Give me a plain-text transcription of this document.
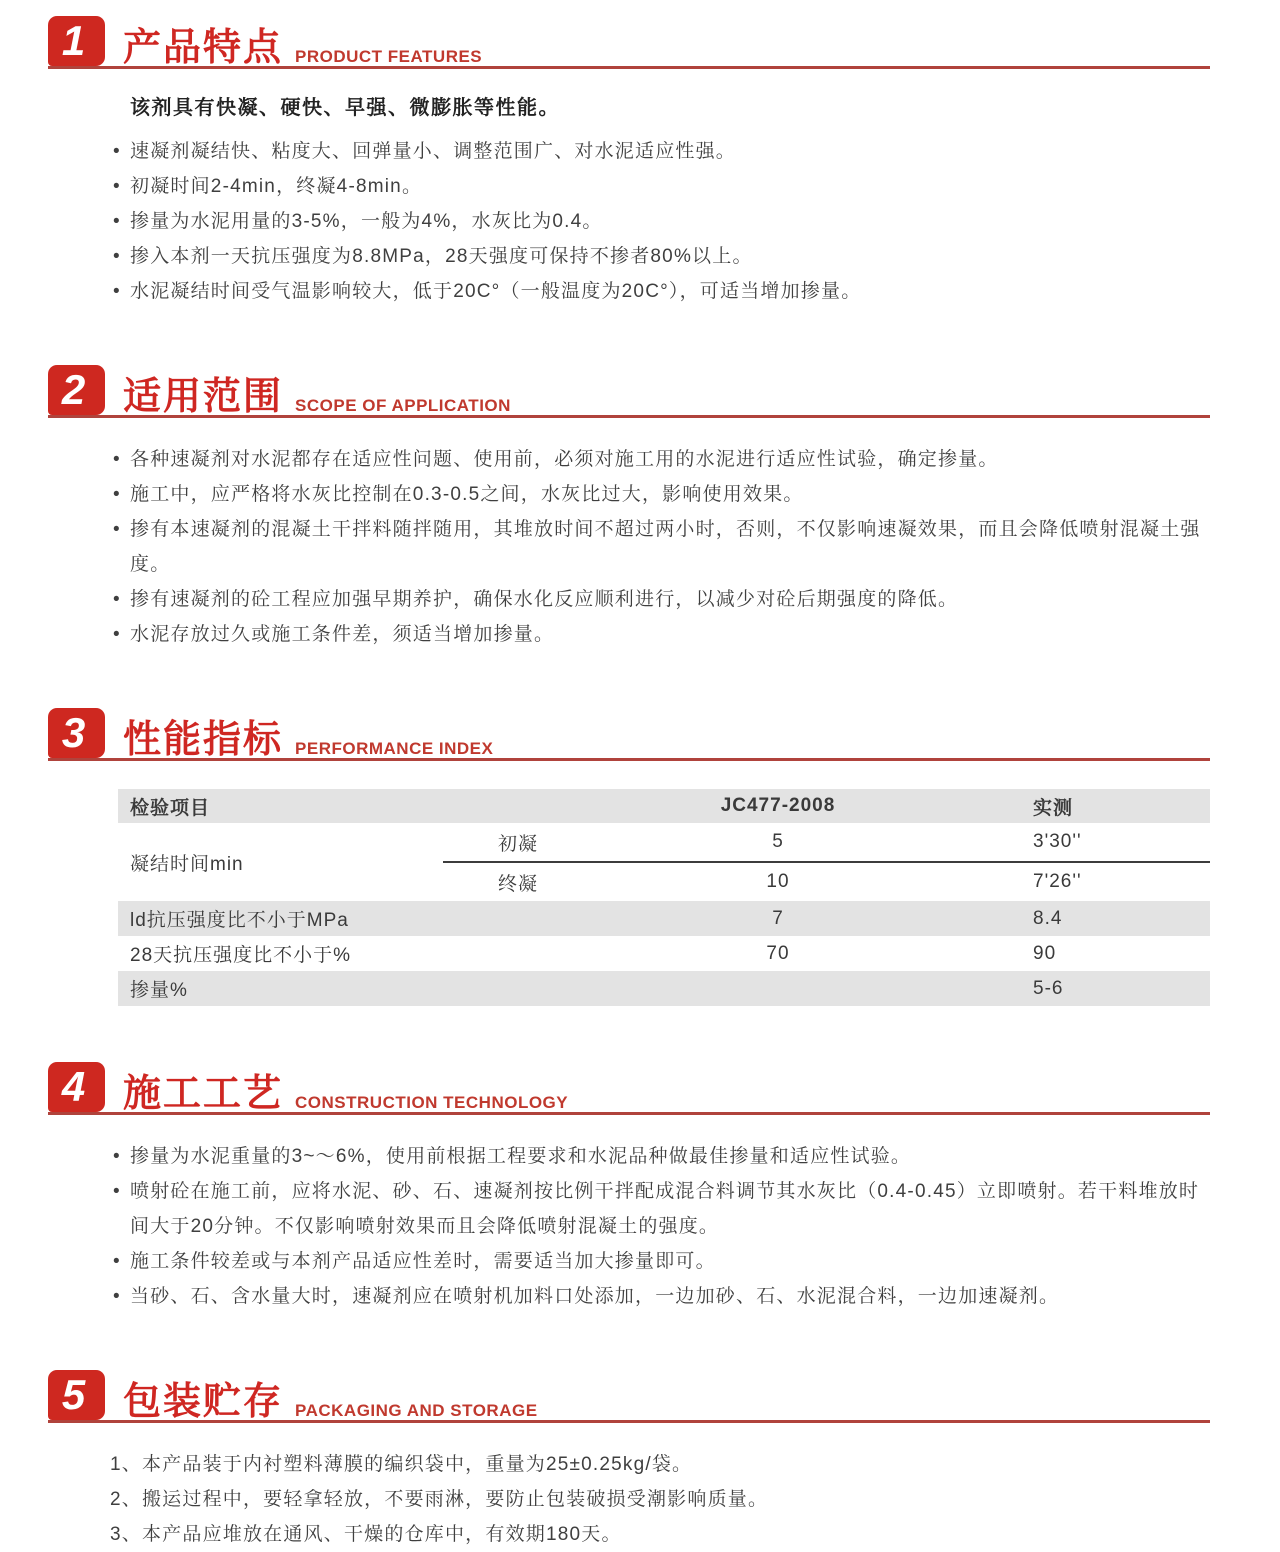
1 产品特点 PRODUCT FEATURES

该剂具有快凝、硬快、早强、微膨胀等性能。

• 速凝剂凝结快、粘度大、回弹量小、调整范围广、对水泥适应性强。
• 初凝时间2-4min，终凝4-8min。
• 掺量为水泥用量的3-5%，一般为4%，水灰比为0.4。
• 掺入本剂一天抗压强度为8.8MPa，28天强度可保持不掺者80%以上。
• 水泥凝结时间受气温影响较大，低于20C°（一般温度为20C°），可适当增加掺量。
2 适用范围 SCOPE OF APPLICATION
• 各种速凝剂对水泥都存在适应性问题、使用前，必须对施工用的水泥进行适应性试验，确定掺量。
• 施工中，应严格将水灰比控制在0.3-0.5之间，水灰比过大，影响使用效果。
• 掺有本速凝剂的混凝土干拌料随拌随用，其堆放时间不超过两小时，否则，不仅影响速凝效果，而且会降低喷射混凝土强度。
• 掺有速凝剂的砼工程应加强早期养护，确保水化反应顺利进行，以减少对砼后期强度的降低。
• 水泥存放过久或施工条件差，须适当增加掺量。
3 性能指标 PERFORMANCE INDEX
检验项目		JC477-2008	实测
凝结时间min	初凝	5	3'30''
	终凝	10	7'26''
ld抗压强度比不小于MPa		7	8.4
28天抗压强度比不小于%		70	90
掺量%			5-6
4 施工工艺 CONSTRUCTION TECHNOLOGY
• 掺量为水泥重量的3~～6%，使用前根据工程要求和水泥品种做最佳掺量和适应性试验。
• 喷射砼在施工前，应将水泥、砂、石、速凝剂按比例干拌配成混合料调节其水灰比（0.4-0.45）立即喷射。若干料堆放时间大于20分钟。不仅影响喷射效果而且会降低喷射混凝土的强度。
• 施工条件较差或与本剂产品适应性差时，需要适当加大掺量即可。
• 当砂、石、含水量大时，速凝剂应在喷射机加料口处添加，一边加砂、石、水泥混合料，一边加速凝剂。
5 包装贮存 PACKAGING AND STORAGE

1、本产品装于内衬塑料薄膜的编织袋中，重量为25±0.25kg/袋。

2、搬运过程中，要轻拿轻放，不要雨淋，要防止包装破损受潮影响质量。

3、本产品应堆放在通风、干燥的仓库中，有效期180天。
